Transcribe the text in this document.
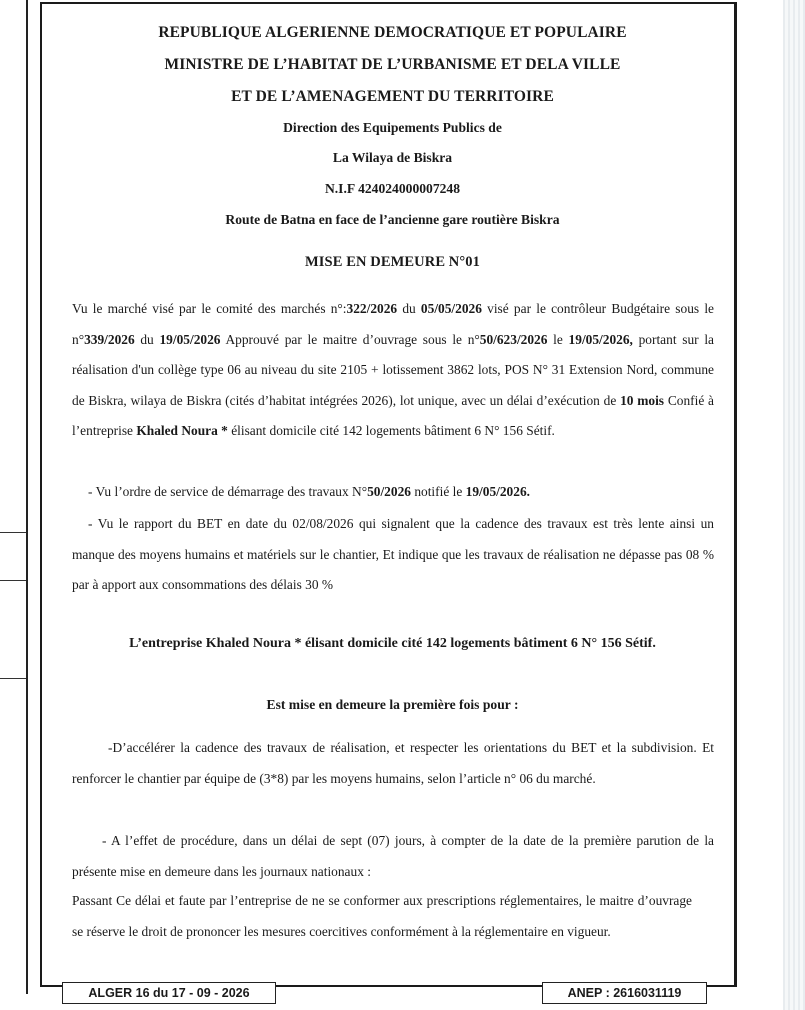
REPUBLIQUE ALGERIENNE DEMOCRATIQUE ET POPULAIRE
MINISTRE DE L’HABITAT DE L’URBANISME ET DELA VILLE
ET DE L’AMENAGEMENT DU TERRITOIRE
Direction des Equipements Publics de
La Wilaya de Biskra
N.I.F 424024000007248
Route de Batna en face de l’ancienne gare routière Biskra
MISE EN DEMEURE N°01

Vu le marché visé par le comité des marchés n°:322/2026 du 05/05/2026 visé par le contrôleur Budgétaire sous le n°339/2026 du 19/05/2026 Approuvé par le maitre d’ouvrage sous le n°50/623/2026 le 19/05/2026, portant sur la réalisation d'un collège type 06 au niveau du site 2105 + lotissement 3862 lots, POS N° 31 Extension Nord, commune de Biskra, wilaya de Biskra (cités d’habitat intégrées 2026), lot unique, avec un délai d’exécution de 10 mois Confié à l’entreprise Khaled Noura * élisant domicile cité 142 logements bâtiment 6 N° 156 Sétif.

- Vu l’ordre de service de démarrage des travaux N°50/2026 notifié le 19/05/2026.

- Vu le rapport du BET en date du 02/08/2026 qui signalent que la cadence des travaux est très lente ainsi un manque des moyens humains et matériels sur le chantier, Et indique que les travaux de réalisation ne dépasse pas 08 % par à apport aux consommations des délais 30 %

L’entreprise Khaled Noura * élisant domicile cité 142 logements bâtiment 6 N° 156 Sétif.
Est mise en demeure la première fois pour :

-D’accélérer la cadence des travaux de réalisation, et respecter les orientations du BET et la subdivision. Et renforcer le chantier par équipe de (3*8) par les moyens humains, selon l’article n° 06 du marché.

- A l’effet de procédure, dans un délai de sept (07) jours, à compter de la date de la première parution de la présente mise en demeure dans les journaux nationaux :

Passant Ce délai et faute par l’entreprise de ne se conformer aux prescriptions réglementaires, le maitre d’ouvrage se réserve le droit de prononcer les mesures coercitives conformément à la réglementaire en vigueur.

ALGER 16 du 17 - 09 - 2026	ANEP : 2616031119
